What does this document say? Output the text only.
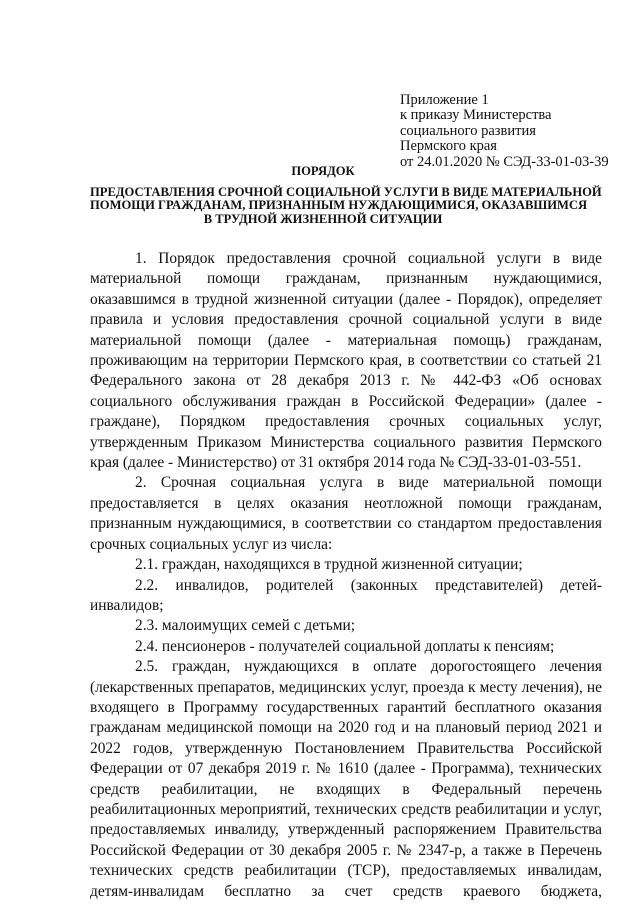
Приложение 1
к приказу Министерства
социального развития
Пермского края
от 24.01.2020 № СЭД-33-01-03-39
ПОРЯДОК
ПРЕДОСТАВЛЕНИЯ СРОЧНОЙ СОЦИАЛЬНОЙ УСЛУГИ В ВИДЕ МАТЕРИАЛЬНОЙ
ПОМОЩИ ГРАЖДАНАМ, ПРИЗНАННЫМ НУЖДАЮЩИМИСЯ, ОКАЗАВШИМСЯ
В ТРУДНОЙ ЖИЗНЕННОЙ СИТУАЦИИ

1. Порядок предоставления срочной социальной услуги в виде материальной помощи гражданам, признанным нуждающимися, оказавшимся в трудной жизненной ситуации (далее - Порядок), определяет правила и условия предоставления срочной социальной услуги в виде материальной помощи (далее - материальная помощь) гражданам, проживающим на территории Пермского края, в соответствии со статьей 21 Федерального закона от 28 декабря 2013 г. № 442-ФЗ «Об основах социального обслуживания граждан в Российской Федерации» (далее - граждане), Порядком предоставления срочных социальных услуг, утвержденным Приказом Министерства социального развития Пермского края (далее - Министерство) от 31 октября 2014 года № СЭД-33-01-03-551.

2. Срочная социальная услуга в виде материальной помощи предоставляется в целях оказания неотложной помощи гражданам, признанным нуждающимися, в соответствии со стандартом предоставления срочных социальных услуг из числа:

2.1. граждан, находящихся в трудной жизненной ситуации;

2.2. инвалидов, родителей (законных представителей) детей-инвалидов;

2.3. малоимущих семей с детьми;

2.4. пенсионеров - получателей социальной доплаты к пенсиям;

2.5. граждан, нуждающихся в оплате дорогостоящего лечения (лекарственных препаратов, медицинских услуг, проезда к месту лечения), не входящего в Программу государственных гарантий бесплатного оказания гражданам медицинской помощи на 2020 год и на плановый период 2021 и 2022 годов, утвержденную Постановлением Правительства Российской Федерации от 07 декабря 2019 г. № 1610 (далее - Программа), технических средств реабилитации, не входящих в Федеральный перечень реабилитационных мероприятий, технических средств реабилитации и услуг, предоставляемых инвалиду, утвержденный распоряжением Правительства Российской Федерации от 30 декабря 2005 г. № 2347-р, а также в Перечень технических средств реабилитации (ТСР), предоставляемых инвалидам, детям-инвалидам бесплатно за счет средств краевого бюджета,
